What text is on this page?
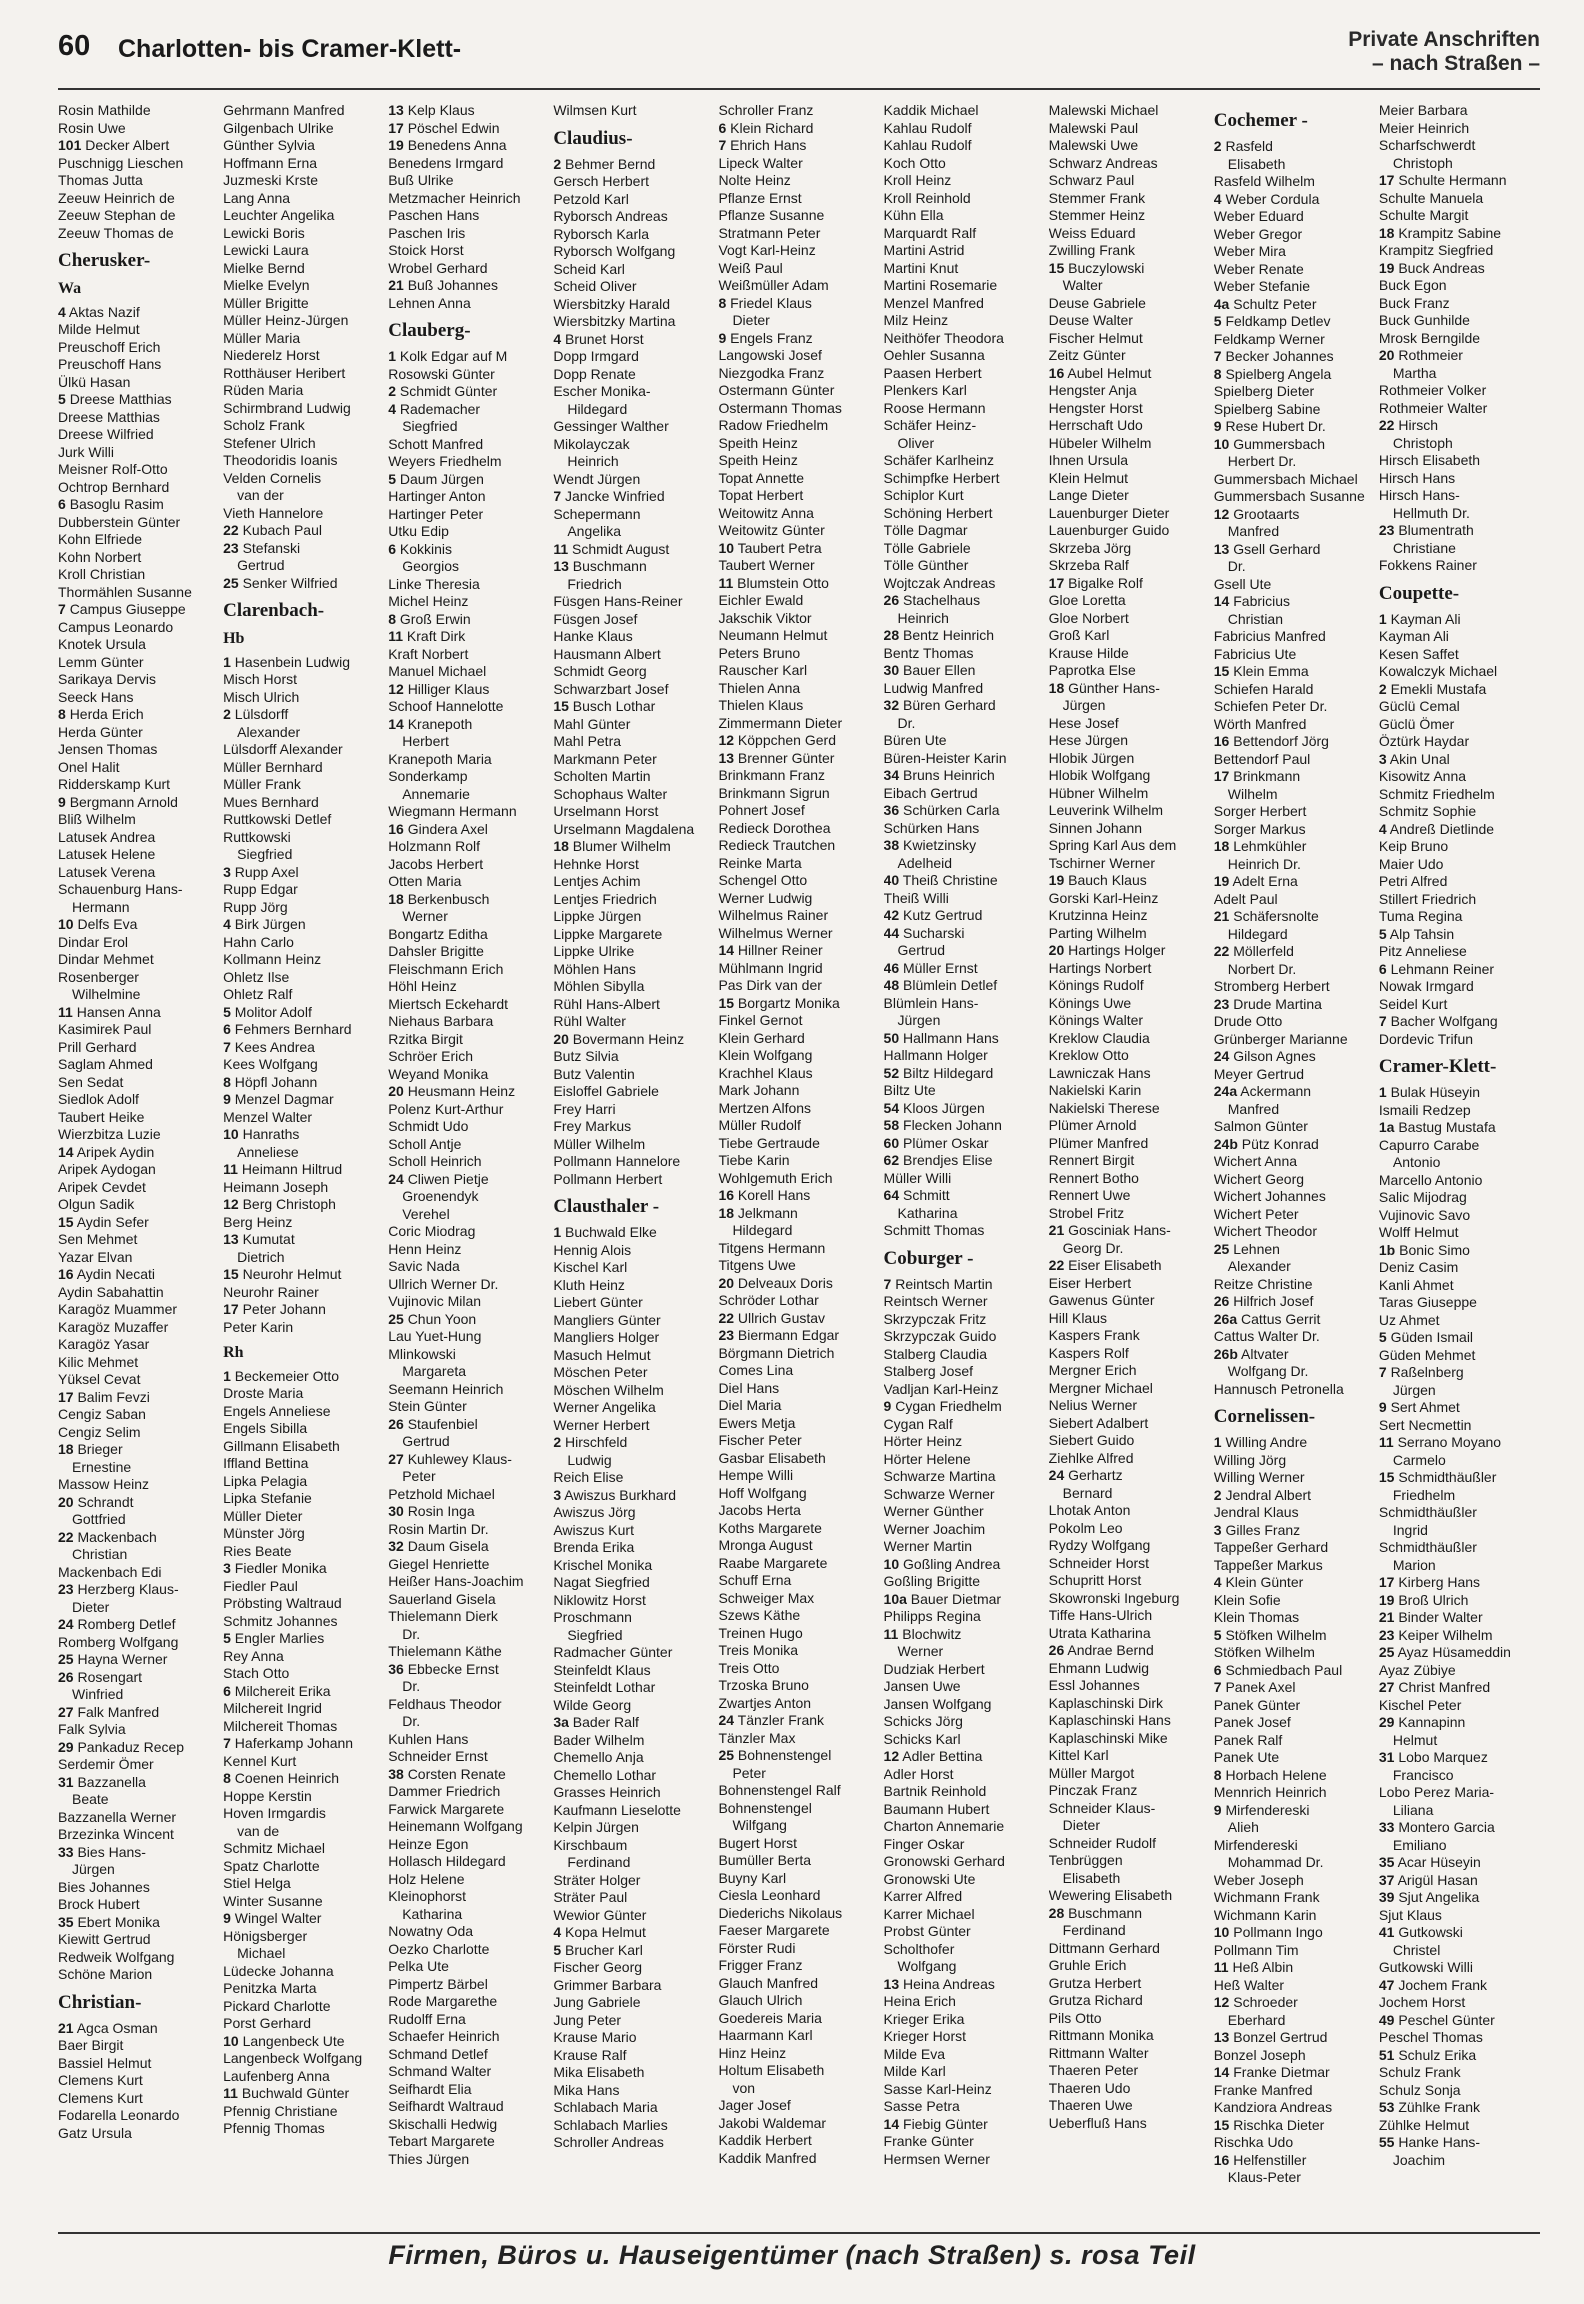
60 Charlotten- bis Cramer-Klett-	Private Anschriften
– nach Straßen –
Rosin Mathilde
Rosin Uwe
101 Decker Albert
Puschnigg Lieschen
Thomas Jutta
Zeeuw Heinrich de
Zeeuw Stephan de
Zeeuw Thomas de
Cherusker-
Wa
4 Aktas Nazif
Milde Helmut
Preuschoff Erich
Preuschoff Hans
Ülkü Hasan
5 Dreese Matthias
Dreese Matthias
Dreese Wilfried
Jurk Willi
Meisner Rolf-Otto
Ochtrop Bernhard
6 Basoglu Rasim
Dubberstein Günter
Kohn Elfriede
Kohn Norbert
Kroll Christian
Thormählen Susanne
7 Campus Giuseppe
Campus Leonardo
Knotek Ursula
Lemm Günter
Sarikaya Dervis
Seeck Hans
8 Herda Erich
Herda Günter
Jensen Thomas
Onel Halit
Ridderskamp Kurt
9 Bergmann Arnold
Bliß Wilhelm
Latusek Andrea
Latusek Helene
Latusek Verena
Schauenburg Hans-
Hermann
10 Delfs Eva
Dindar Erol
Dindar Mehmet
Rosenberger
Wilhelmine
11 Hansen Anna
Kasimirek Paul
Prill Gerhard
Saglam Ahmed
Sen Sedat
Siedlok Adolf
Taubert Heike
Wierzbitza Luzie
14 Aripek Aydin
Aripek Aydogan
Aripek Cevdet
Olgun Sadik
15 Aydin Sefer
Sen Mehmet
Yazar Elvan
16 Aydin Necati
Aydin Sabahattin
Karagöz Muammer
Karagöz Muzaffer
Karagöz Yasar
Kilic Mehmet
Yüksel Cevat
17 Balim Fevzi
Cengiz Saban
Cengiz Selim
18 Brieger
Ernestine
Massow Heinz
20 Schrandt
Gottfried
22 Mackenbach
Christian
Mackenbach Edi
23 Herzberg Klaus-
Dieter
24 Romberg Detlef
Romberg Wolfgang
25 Hayna Werner
26 Rosengart
Winfried
27 Falk Manfred
Falk Sylvia
29 Pankaduz Recep
Serdemir Ömer
31 Bazzanella
Beate
Bazzanella Werner
Brzezinka Wincent
33 Bies Hans-
Jürgen
Bies Johannes
Brock Hubert
35 Ebert Monika
Kiewitt Gertrud
Redweik Wolfgang
Schöne Marion
Christian-
21 Agca Osman
Baer Birgit
Bassiel Helmut
Clemens Kurt
Clemens Kurt
Fodarella Leonardo
Gatz Ursula
Gehrmann Manfred
Gilgenbach Ulrike
Günther Sylvia
Hoffmann Erna
Juzmeski Krste
Lang Anna
Leuchter Angelika
Lewicki Boris
Lewicki Laura
Mielke Bernd
Mielke Evelyn
Müller Brigitte
Müller Heinz-Jürgen
Müller Maria
Niederelz Horst
Rotthäuser Heribert
Rüden Maria
Schirmbrand Ludwig
Scholz Frank
Stefener Ulrich
Theodoridis Ioanis
Velden Cornelis
van der
Vieth Hannelore
22 Kubach Paul
23 Stefanski
Gertrud
25 Senker Wilfried
Clarenbach-
Hb
1 Hasenbein Ludwig
Misch Horst
Misch Ulrich
2 Lülsdorff
Alexander
Lülsdorff Alexander
Müller Bernhard
Müller Frank
Mues Bernhard
Ruttkowski Detlef
Ruttkowski
Siegfried
3 Rupp Axel
Rupp Edgar
Rupp Jörg
4 Birk Jürgen
Hahn Carlo
Kollmann Heinz
Ohletz Ilse
Ohletz Ralf
5 Molitor Adolf
6 Fehmers Bernhard
7 Kees Andrea
Kees Wolfgang
8 Höpfl Johann
9 Menzel Dagmar
Menzel Walter
10 Hanraths
Anneliese
11 Heimann Hiltrud
Heimann Joseph
12 Berg Christoph
Berg Heinz
13 Kumutat
Dietrich
15 Neurohr Helmut
Neurohr Rainer
17 Peter Johann
Peter Karin
Rh
1 Beckemeier Otto
Droste Maria
Engels Anneliese
Engels Sibilla
Gillmann Elisabeth
Iffland Bettina
Lipka Pelagia
Lipka Stefanie
Müller Dieter
Münster Jörg
Ries Beate
3 Fiedler Monika
Fiedler Paul
Pröbsting Waltraud
Schmitz Johannes
5 Engler Marlies
Rey Anna
Stach Otto
6 Milchereit Erika
Milchereit Ingrid
Milchereit Thomas
7 Haferkamp Johann
Kennel Kurt
8 Coenen Heinrich
Hoppe Kerstin
Hoven Irmgardis
van de
Schmitz Michael
Spatz Charlotte
Stiel Helga
Winter Susanne
9 Wingel Walter
Hönigsberger
Michael
Lüdecke Johanna
Penitzka Marta
Pickard Charlotte
Porst Gerhard
10 Langenbeck Ute
Langenbeck Wolfgang
Laufenberg Anna
11 Buchwald Günter
Pfennig Christiane
Pfennig Thomas
13 Kelp Klaus
17 Pöschel Edwin
19 Benedens Anna
Benedens Irmgard
Buß Ulrike
Metzmacher Heinrich
Paschen Hans
Paschen Iris
Stoick Horst
Wrobel Gerhard
21 Buß Johannes
Lehnen Anna
Clauberg-
1 Kolk Edgar auf M
Rosowski Günter
2 Schmidt Günter
4 Rademacher
Siegfried
Schott Manfred
Weyers Friedhelm
5 Daum Jürgen
Hartinger Anton
Hartinger Peter
Utku Edip
6 Kokkinis
Georgios
Linke Theresia
Michel Heinz
8 Groß Erwin
11 Kraft Dirk
Kraft Norbert
Manuel Michael
12 Hilliger Klaus
Schoof Hannelotte
14 Kranepoth
Herbert
Kranepoth Maria
Sonderkamp
Annemarie
Wiegmann Hermann
16 Gindera Axel
Holzmann Rolf
Jacobs Herbert
Otten Maria
18 Berkenbusch
Werner
Bongartz Editha
Dahsler Brigitte
Fleischmann Erich
Höhl Heinz
Miertsch Eckehardt
Niehaus Barbara
Rzitka Birgit
Schröer Erich
Weyand Monika
20 Heusmann Heinz
Polenz Kurt-Arthur
Schmidt Udo
Scholl Antje
Scholl Heinrich
24 Cliwen Pietje
Groenendyk
Verehel
Coric Miodrag
Henn Heinz
Savic Nada
Ullrich Werner Dr.
Vujinovic Milan
25 Chun Yoon
Lau Yuet-Hung
Mlinkowski
Margareta
Seemann Heinrich
Stein Günter
26 Staufenbiel
Gertrud
27 Kuhlewey Klaus-
Peter
Petzhold Michael
30 Rosin Inga
Rosin Martin Dr.
32 Daum Gisela
Giegel Henriette
Heißer Hans-Joachim
Sauerland Gisela
Thielemann Dierk
Dr.
Thielemann Käthe
36 Ebbecke Ernst
Dr.
Feldhaus Theodor
Dr.
Kuhlen Hans
Schneider Ernst
38 Corsten Renate
Dammer Friedrich
Farwick Margarete
Heinemann Wolfgang
Heinze Egon
Hollasch Hildegard
Holz Helene
Kleinophorst
Katharina
Nowatny Oda
Oezko Charlotte
Pelka Ute
Pimpertz Bärbel
Rode Margarethe
Rudolff Erna
Schaefer Heinrich
Schmand Detlef
Schmand Walter
Seifhardt Elia
Seifhardt Waltraud
Skischalli Hedwig
Tebart Margarete
Thies Jürgen
Wilmsen Kurt
Claudius-
2 Behmer Bernd
Gersch Herbert
Petzold Karl
Ryborsch Andreas
Ryborsch Karla
Ryborsch Wolfgang
Scheid Karl
Scheid Oliver
Wiersbitzky Harald
Wiersbitzky Martina
4 Brunet Horst
Dopp Irmgard
Dopp Renate
Escher Monika-
Hildegard
Gessinger Walther
Mikolayczak
Heinrich
Wendt Jürgen
7 Jancke Winfried
Schepermann
Angelika
11 Schmidt August
13 Buschmann
Friedrich
Füsgen Hans-Reiner
Füsgen Josef
Hanke Klaus
Hausmann Albert
Schmidt Georg
Schwarzbart Josef
15 Busch Lothar
Mahl Günter
Mahl Petra
Markmann Peter
Scholten Martin
Schophaus Walter
Urselmann Horst
Urselmann Magdalena
18 Blumer Wilhelm
Hehnke Horst
Lentjes Achim
Lentjes Friedrich
Lippke Jürgen
Lippke Margarete
Lippke Ulrike
Möhlen Hans
Möhlen Sibylla
Rühl Hans-Albert
Rühl Walter
20 Bovermann Heinz
Butz Silvia
Butz Valentin
Eisloffel Gabriele
Frey Harri
Frey Markus
Müller Wilhelm
Pollmann Hannelore
Pollmann Herbert
Clausthaler -
1 Buchwald Elke
Hennig Alois
Kischel Karl
Kluth Heinz
Liebert Günter
Mangliers Günter
Mangliers Holger
Masuch Helmut
Möschen Peter
Möschen Wilhelm
Werner Angelika
Werner Herbert
2 Hirschfeld
Ludwig
Reich Elise
3 Awiszus Burkhard
Awiszus Jörg
Awiszus Kurt
Brenda Erika
Krischel Monika
Nagat Siegfried
Niklowitz Horst
Proschmann
Siegfried
Radmacher Günter
Steinfeldt Klaus
Steinfeldt Lothar
Wilde Georg
3a Bader Ralf
Bader Wilhelm
Chemello Anja
Chemello Lothar
Grasses Heinrich
Kaufmann Lieselotte
Kelpin Jürgen
Kirschbaum
Ferdinand
Sträter Holger
Sträter Paul
Wewior Günter
4 Kopa Helmut
5 Brucher Karl
Fischer Georg
Grimmer Barbara
Jung Gabriele
Jung Peter
Krause Mario
Krause Ralf
Mika Elisabeth
Mika Hans
Schlabach Maria
Schlabach Marlies
Schroller Andreas
Schroller Franz
6 Klein Richard
7 Ehrich Hans
Lipeck Walter
Nolte Heinz
Pflanze Ernst
Pflanze Susanne
Stratmann Peter
Vogt Karl-Heinz
Weiß Paul
Weißmüller Adam
8 Friedel Klaus
Dieter
9 Engels Franz
Langowski Josef
Niezgodka Franz
Ostermann Günter
Ostermann Thomas
Radow Friedhelm
Speith Heinz
Speith Heinz
Topat Annette
Topat Herbert
Weitowitz Anna
Weitowitz Günter
10 Taubert Petra
Taubert Werner
11 Blumstein Otto
Eichler Ewald
Jakschik Viktor
Neumann Helmut
Peters Bruno
Rauscher Karl
Thielen Anna
Thielen Klaus
Zimmermann Dieter
12 Köppchen Gerd
13 Brenner Günter
Brinkmann Franz
Brinkmann Sigrun
Pohnert Josef
Redieck Dorothea
Redieck Trautchen
Reinke Marta
Schengel Otto
Werner Ludwig
Wilhelmus Rainer
Wilhelmus Werner
14 Hillner Reiner
Mühlmann Ingrid
Pas Dirk van der
15 Borgartz Monika
Finkel Gernot
Klein Gerhard
Klein Wolfgang
Krachhel Klaus
Mark Johann
Mertzen Alfons
Müller Rudolf
Tiebe Gertraude
Tiebe Karin
Wohlgemuth Erich
16 Korell Hans
18 Jelkmann
Hildegard
Titgens Hermann
Titgens Uwe
20 Delveaux Doris
Schröder Lothar
22 Ullrich Gustav
23 Biermann Edgar
Börgmann Dietrich
Comes Lina
Diel Hans
Diel Maria
Ewers Metja
Fischer Peter
Gasbar Elisabeth
Hempe Willi
Hoff Wolfgang
Jacobs Herta
Koths Margarete
Mronga August
Raabe Margarete
Schuff Erna
Schweiger Max
Szews Käthe
Treinen Hugo
Treis Monika
Treis Otto
Trzoska Bruno
Zwartjes Anton
24 Tänzler Frank
Tänzler Max
25 Bohnenstengel
Peter
Bohnenstengel Ralf
Bohnenstengel
Wilfgang
Bugert Horst
Bumüller Berta
Buyny Karl
Ciesla Leonhard
Diederichs Nikolaus
Faeser Margarete
Förster Rudi
Frigger Franz
Glauch Manfred
Glauch Ulrich
Goedereis Maria
Haarmann Karl
Hinz Heinz
Holtum Elisabeth
von
Jager Josef
Jakobi Waldemar
Kaddik Herbert
Kaddik Manfred
Kaddik Michael
Kahlau Rudolf
Kahlau Rudolf
Koch Otto
Kroll Heinz
Kroll Reinhold
Kühn Ella
Marquardt Ralf
Martini Astrid
Martini Knut
Martini Rosemarie
Menzel Manfred
Milz Heinz
Neithöfer Theodora
Oehler Susanna
Paasen Herbert
Plenkers Karl
Roose Hermann
Schäfer Heinz-
Oliver
Schäfer Karlheinz
Schimpfke Herbert
Schiplor Kurt
Schöning Herbert
Tölle Dagmar
Tölle Gabriele
Tölle Günther
Wojtczak Andreas
26 Stachelhaus
Heinrich
28 Bentz Heinrich
Bentz Thomas
30 Bauer Ellen
Ludwig Manfred
32 Büren Gerhard
Dr.
Büren Ute
Büren-Heister Karin
34 Bruns Heinrich
Eibach Gertrud
36 Schürken Carla
Schürken Hans
38 Kwietzinsky
Adelheid
40 Theiß Christine
Theiß Willi
42 Kutz Gertrud
44 Sucharski
Gertrud
46 Müller Ernst
48 Blümlein Detlef
Blümlein Hans-
Jürgen
50 Hallmann Hans
Hallmann Holger
52 Biltz Hildegard
Biltz Ute
54 Kloos Jürgen
58 Flecken Johann
60 Plümer Oskar
62 Brendjes Elise
Müller Willi
64 Schmitt
Katharina
Schmitt Thomas
Coburger -
7 Reintsch Martin
Reintsch Werner
Skrzypczak Fritz
Skrzypczak Guido
Stalberg Claudia
Stalberg Josef
Vadljan Karl-Heinz
9 Cygan Friedhelm
Cygan Ralf
Hörter Heinz
Hörter Helene
Schwarze Martina
Schwarze Werner
Werner Günther
Werner Joachim
Werner Martin
10 Goßling Andrea
Goßling Brigitte
10a Bauer Dietmar
Philipps Regina
11 Blochwitz
Werner
Dudziak Herbert
Jansen Uwe
Jansen Wolfgang
Schicks Jörg
Schicks Karl
12 Adler Bettina
Adler Horst
Bartnik Reinhold
Baumann Hubert
Charton Annemarie
Finger Oskar
Gronowski Gerhard
Gronowski Ute
Karrer Alfred
Karrer Michael
Probst Günter
Scholthofer
Wolfgang
13 Heina Andreas
Heina Erich
Krieger Erika
Krieger Horst
Milde Eva
Milde Karl
Sasse Karl-Heinz
Sasse Petra
14 Fiebig Günter
Franke Günter
Hermsen Werner
Malewski Michael
Malewski Paul
Malewski Uwe
Schwarz Andreas
Schwarz Paul
Stemmer Frank
Stemmer Heinz
Weiss Eduard
Zwilling Frank
15 Buczylowski
Walter
Deuse Gabriele
Deuse Walter
Fischer Helmut
Zeitz Günter
16 Aubel Helmut
Hengster Anja
Hengster Horst
Herrschaft Udo
Hübeler Wilhelm
Ihnen Ursula
Klein Helmut
Lange Dieter
Lauenburger Dieter
Lauenburger Guido
Skrzeba Jörg
Skrzeba Ralf
17 Bigalke Rolf
Gloe Loretta
Gloe Norbert
Groß Karl
Krause Hilde
Paprotka Else
18 Günther Hans-
Jürgen
Hese Josef
Hese Jürgen
Hlobik Jürgen
Hlobik Wolfgang
Hübner Wilhelm
Leuverink Wilhelm
Sinnen Johann
Spring Karl Aus dem
Tschirner Werner
19 Bauch Klaus
Gorski Karl-Heinz
Krutzinna Heinz
Parting Wilhelm
20 Hartings Holger
Hartings Norbert
Könings Rudolf
Könings Uwe
Könings Walter
Kreklow Claudia
Kreklow Otto
Lawniczak Hans
Nakielski Karin
Nakielski Therese
Plümer Arnold
Plümer Manfred
Rennert Birgit
Rennert Botho
Rennert Uwe
Strobel Fritz
21 Gosciniak Hans-
Georg Dr.
22 Eiser Elisabeth
Eiser Herbert
Gawenus Günter
Hill Klaus
Kaspers Frank
Kaspers Rolf
Mergner Erich
Mergner Michael
Nelius Werner
Siebert Adalbert
Siebert Guido
Ziehlke Alfred
24 Gerhartz
Bernard
Lhotak Anton
Pokolm Leo
Rydzy Wolfgang
Schneider Horst
Schupritt Horst
Skowronski Ingeburg
Tiffe Hans-Ulrich
Utrata Katharina
26 Andrae Bernd
Ehmann Ludwig
Essl Johannes
Kaplaschinski Dirk
Kaplaschinski Hans
Kaplaschinski Mike
Kittel Karl
Müller Margot
Pinczak Franz
Schneider Klaus-
Dieter
Schneider Rudolf
Tenbrüggen
Elisabeth
Wewering Elisabeth
28 Buschmann
Ferdinand
Dittmann Gerhard
Gruhle Erich
Grutza Herbert
Grutza Richard
Pils Otto
Rittmann Monika
Rittmann Walter
Thaeren Peter
Thaeren Udo
Thaeren Uwe
Ueberfluß Hans
Cochemer -
2 Rasfeld
Elisabeth
Rasfeld Wilhelm
4 Weber Cordula
Weber Eduard
Weber Gregor
Weber Mira
Weber Renate
Weber Stefanie
4a Schultz Peter
5 Feldkamp Detlev
Feldkamp Werner
7 Becker Johannes
8 Spielberg Angela
Spielberg Dieter
Spielberg Sabine
9 Rese Hubert Dr.
10 Gummersbach
Herbert Dr.
Gummersbach Michael
Gummersbach Susanne
12 Grootaarts
Manfred
13 Gsell Gerhard
Dr.
Gsell Ute
14 Fabricius
Christian
Fabricius Manfred
Fabricius Ute
15 Klein Emma
Schiefen Harald
Schiefen Peter Dr.
Wörth Manfred
16 Bettendorf Jörg
Bettendorf Paul
17 Brinkmann
Wilhelm
Sorger Herbert
Sorger Markus
18 Lehmkühler
Heinrich Dr.
19 Adelt Erna
Adelt Paul
21 Schäfersnolte
Hildegard
22 Möllerfeld
Norbert Dr.
Stromberg Herbert
23 Drude Martina
Drude Otto
Grünberger Marianne
24 Gilson Agnes
Meyer Gertrud
24a Ackermann
Manfred
Salmon Günter
24b Pütz Konrad
Wichert Anna
Wichert Georg
Wichert Johannes
Wichert Peter
Wichert Theodor
25 Lehnen
Alexander
Reitze Christine
26 Hilfrich Josef
26a Cattus Gerrit
Cattus Walter Dr.
26b Altvater
Wolfgang Dr.
Hannusch Petronella
Cornelissen-
1 Willing Andre
Willing Jörg
Willing Werner
2 Jendral Albert
Jendral Klaus
3 Gilles Franz
Tappeßer Gerhard
Tappeßer Markus
4 Klein Günter
Klein Sofie
Klein Thomas
5 Stöfken Wilhelm
Stöfken Wilhelm
6 Schmiedbach Paul
7 Panek Axel
Panek Günter
Panek Josef
Panek Ralf
Panek Ute
8 Horbach Helene
Mennrich Heinrich
9 Mirfendereski
Alieh
Mirfendereski
Mohammad Dr.
Weber Joseph
Wichmann Frank
Wichmann Karin
10 Pollmann Ingo
Pollmann Tim
11 Heß Albin
Heß Walter
12 Schroeder
Eberhard
13 Bonzel Gertrud
Bonzel Joseph
14 Franke Dietmar
Franke Manfred
Kandziora Andreas
15 Rischka Dieter
Rischka Udo
16 Helfenstiller
Klaus-Peter
Meier Barbara
Meier Heinrich
Scharfschwerdt
Christoph
17 Schulte Hermann
Schulte Manuela
Schulte Margit
18 Krampitz Sabine
Krampitz Siegfried
19 Buck Andreas
Buck Egon
Buck Franz
Buck Gunhilde
Mrosk Berngilde
20 Rothmeier
Martha
Rothmeier Volker
Rothmeier Walter
22 Hirsch
Christoph
Hirsch Elisabeth
Hirsch Hans
Hirsch Hans-
Hellmuth Dr.
23 Blumentrath
Christiane
Fokkens Rainer
Coupette-
1 Kayman Ali
Kayman Ali
Kesen Saffet
Kowalczyk Michael
2 Emekli Mustafa
Güclü Cemal
Güclü Ömer
Öztürk Haydar
3 Akin Unal
Kisowitz Anna
Schmitz Friedhelm
Schmitz Sophie
4 Andreß Dietlinde
Keip Bruno
Maier Udo
Petri Alfred
Stillert Friedrich
Tuma Regina
5 Alp Tahsin
Pitz Anneliese
6 Lehmann Reiner
Nowak Irmgard
Seidel Kurt
7 Bacher Wolfgang
Dordevic Trifun
Cramer-Klett-
1 Bulak Hüseyin
Ismaili Redzep
1a Bastug Mustafa
Capurro Carabe
Antonio
Marcello Antonio
Salic Mijodrag
Vujinovic Savo
Wolff Helmut
1b Bonic Simo
Deniz Casim
Kanli Ahmet
Taras Giuseppe
Uz Ahmet
5 Güden Ismail
Güden Mehmet
7 Raßelnberg
Jürgen
9 Sert Ahmet
Sert Necmettin
11 Serrano Moyano
Carmelo
15 Schmidthäußler
Friedhelm
Schmidthäußler
Ingrid
Schmidthäußler
Marion
17 Kirberg Hans
19 Broß Ulrich
21 Binder Walter
23 Keiper Wilhelm
25 Ayaz Hüsameddin
Ayaz Zübiye
27 Christ Manfred
Kischel Peter
29 Kannapinn
Helmut
31 Lobo Marquez
Francisco
Lobo Perez Maria-
Liliana
33 Montero Garcia
Emiliano
35 Acar Hüseyin
37 Arigül Hasan
39 Sjut Angelika
Sjut Klaus
41 Gutkowski
Christel
Gutkowski Willi
47 Jochem Frank
Jochem Horst
49 Peschel Günter
Peschel Thomas
51 Schulz Erika
Schulz Frank
Schulz Sonja
53 Zühlke Frank
Zühlke Helmut
55 Hanke Hans-
Joachim
Firmen, Büros u. Hauseigentümer (nach Straßen) s. rosa Teil
